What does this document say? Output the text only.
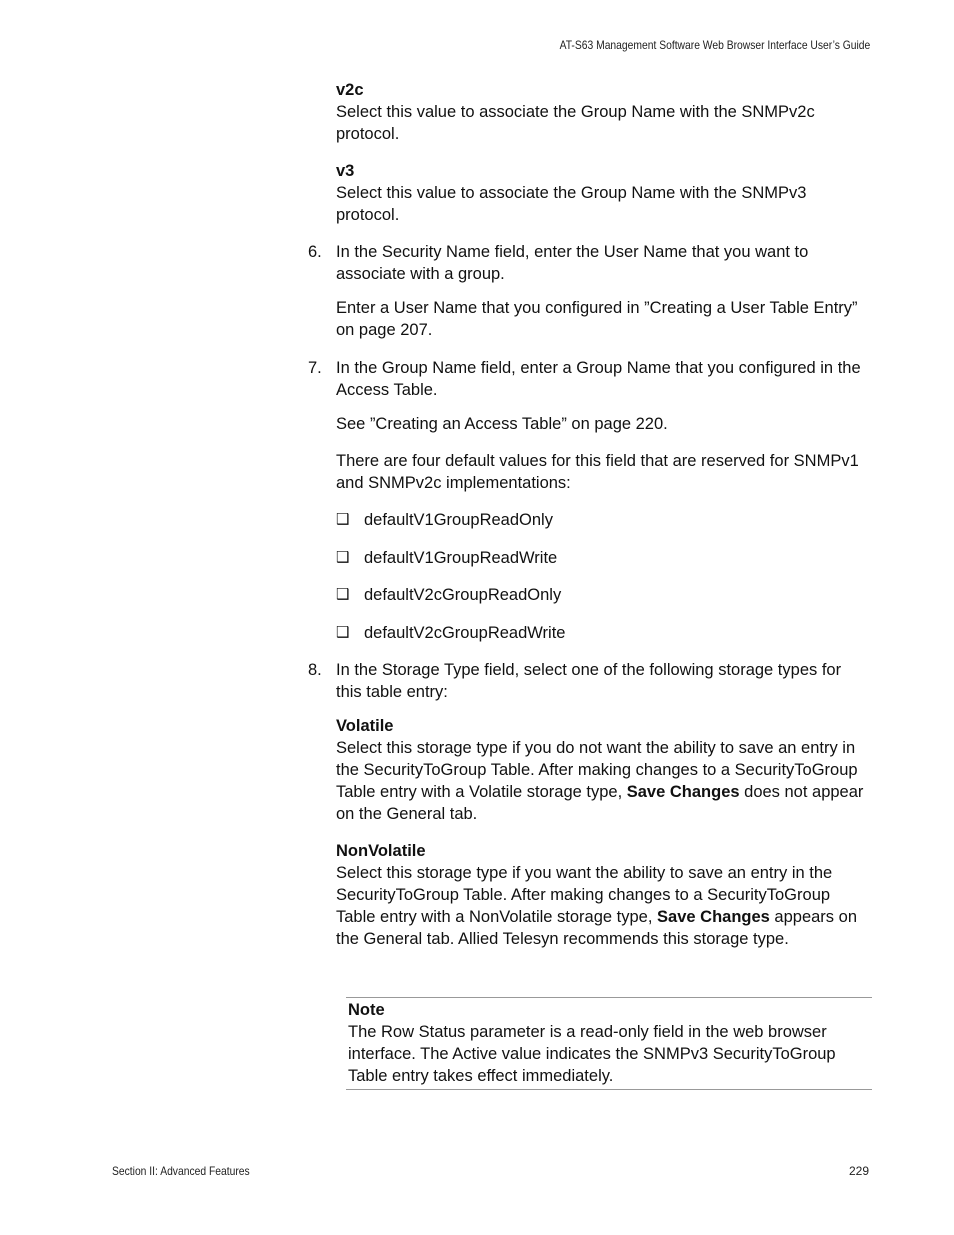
AT-S63 Management Software Web Browser Interface User’s Guide
v2c
Select this value to associate the Group Name with the SNMPv2c protocol.
v3
Select this value to associate the Group Name with the SNMPv3 protocol.
6. In the Security Name field, enter the User Name that you want to associate with a group.
Enter a User Name that you configured in ”Creating a User Table Entry” on page 207.
7. In the Group Name field, enter a Group Name that you configured in the Access Table.
See ”Creating an Access Table” on page 220.
There are four default values for this field that are reserved for SNMPv1 and SNMPv2c implementations:
❑ defaultV1GroupReadOnly
❑ defaultV1GroupReadWrite
❑ defaultV2cGroupReadOnly
❑ defaultV2cGroupReadWrite
8. In the Storage Type field, select one of the following storage types for this table entry:
Volatile
Select this storage type if you do not want the ability to save an entry in the SecurityToGroup Table. After making changes to a SecurityToGroup Table entry with a Volatile storage type, Save Changes does not appear on the General tab.
NonVolatile
Select this storage type if you want the ability to save an entry in the SecurityToGroup Table. After making changes to a SecurityToGroup Table entry with a NonVolatile storage type, Save Changes appears on the General tab. Allied Telesyn recommends this storage type.
Note
The Row Status parameter is a read-only field in the web browser interface. The Active value indicates the SNMPv3 SecurityToGroup Table entry takes effect immediately.
Section II: Advanced Features	229
